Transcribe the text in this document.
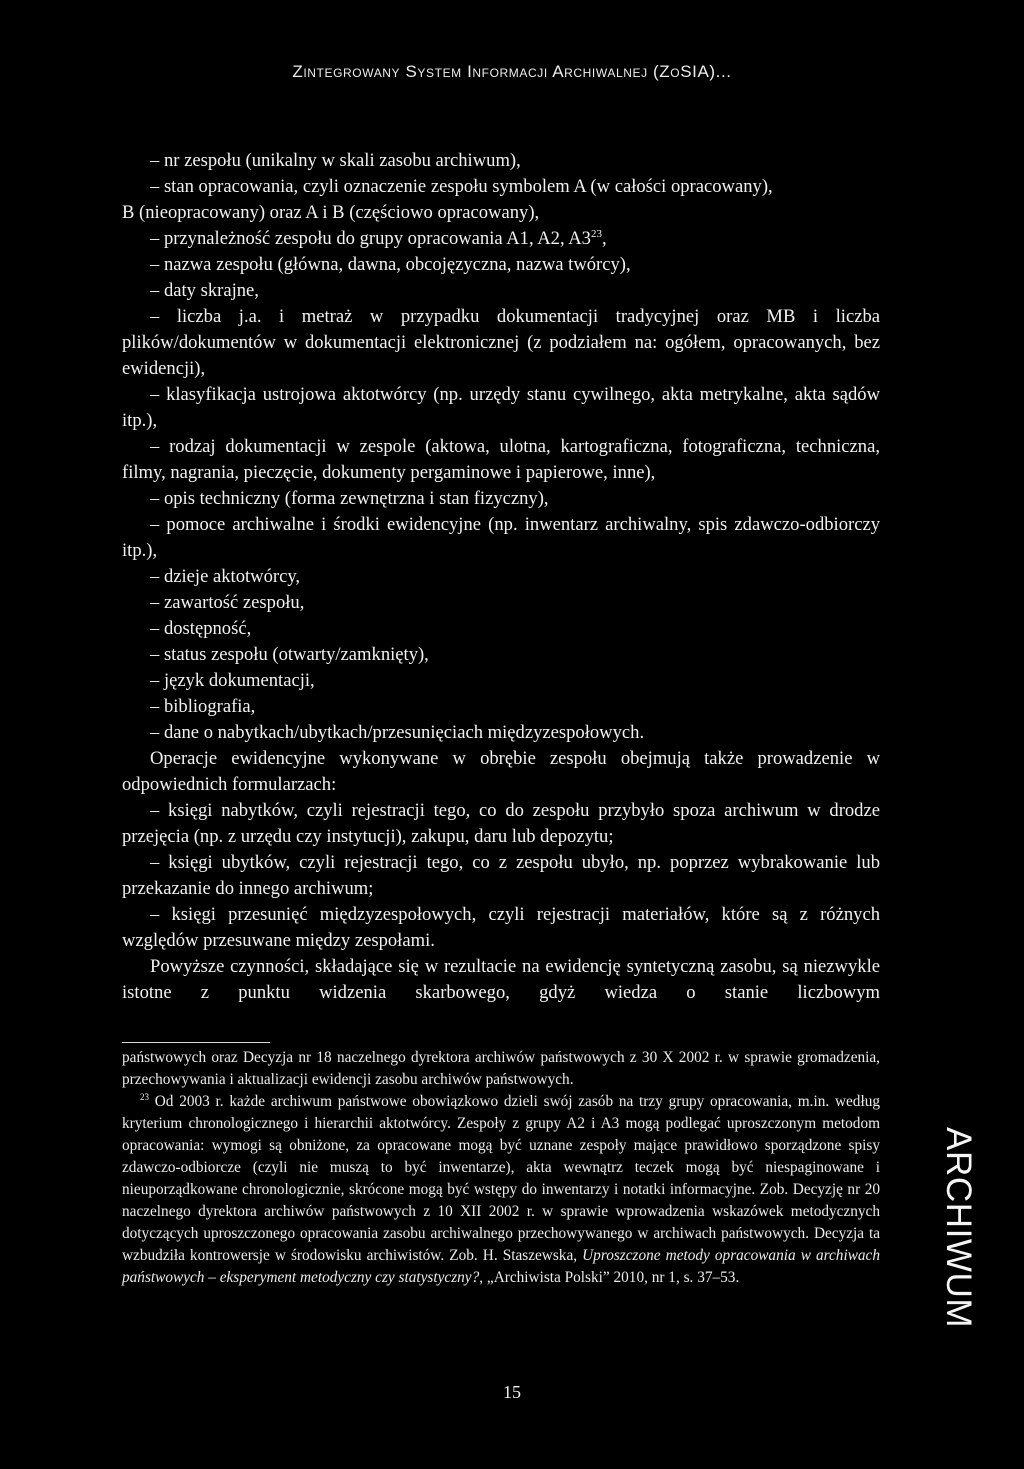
Zintegrowany System Informacji Archiwalnej (ZoSIA)...

– nr zespołu (unikalny w skali zasobu archiwum),

– stan opracowania, czyli oznaczenie zespołu symbolem A (w całości opracowany),

B (nieopracowany) oraz A i B (częściowo opracowany),

– przynależność zespołu do grupy opracowania A1, A2, $A3^{23}$,

– nazwa zespołu (główna, dawna, obcojęzyczna, nazwa twórcy),

– daty skrajne,

– liczba j.a. i metraż w przypadku dokumentacji tradycyjnej oraz MB i liczba plików/dokumentów w dokumentacji elektronicznej (z podziałem na: ogółem, opracowanych, bez ewidencji),

– klasyfikacja ustrojowa aktotwórcy (np. urzędy stanu cywilnego, akta metrykalne, akta sądów itp.),

– rodzaj dokumentacji w zespole (aktowa, ulotna, kartograficzna, fotograficzna, techniczna, filmy, nagrania, pieczęcie, dokumenty pergaminowe i papierowe, inne),

– opis techniczny (forma zewnętrzna i stan fizyczny),

– pomoce archiwalne i środki ewidencyjne (np. inwentarz archiwalny, spis zdawczo-odbiorczy itp.),

– dzieje aktotwórcy,

– zawartość zespołu,

– dostępność,

– status zespołu (otwarty/zamknięty),

– język dokumentacji,

– bibliografia,

– dane o nabytkach/ubytkach/przesunięciach międzyzespołowych.

Operacje ewidencyjne wykonywane w obrębie zespołu obejmują także prowadzenie w odpowiednich formularzach:

– księgi nabytków, czyli rejestracji tego, co do zespołu przybyło spoza archiwum w drodze przejęcia (np. z urzędu czy instytucji), zakupu, daru lub depozytu;

– księgi ubytków, czyli rejestracji tego, co z zespołu ubyło, np. poprzez wybrakowanie lub przekazanie do innego archiwum;

– księgi przesunięć międzyzespołowych, czyli rejestracji materiałów, które są z różnych względów przesuwane między zespołami.

Powyższe czynności, składające się w rezultacie na ewidencję syntetyczną zasobu, są niezwykle istotne z punktu widzenia skarbowego, gdyż wiedza o stanie liczbowym

państwowych oraz Decyzja nr 18 naczelnego dyrektora archiwów państwowych z 30 X 2002 r. w sprawie gromadzenia, przechowywania i aktualizacji ewidencji zasobu archiwów państwowych.

$^{23}$ Od 2003 r. każde archiwum państwowe obowiązkowo dzieli swój zasób na trzy grupy opracowania, m.in. według kryterium chronologicznego i hierarchii aktotwórcy. Zespoły z grupy A2 i A3 mogą podlegać uproszczonym metodom opracowania: wymogi są obniżone, za opracowane mogą być uznane zespoły mające prawidłowo sporządzone spisy zdawczo-odbiorcze (czyli nie muszą to być inwentarze), akta wewnątrz teczek mogą być niespaginowane i nieuporządkowane chronologicznie, skrócone mogą być wstępy do inwentarzy i notatki informacyjne. Zob. Decyzję nr 20 naczelnego dyrektora archiwów państwowych z 10 XII 2002 r. w sprawie wprowadzenia wskazówek metodycznych dotyczących uproszczonego opracowania zasobu archiwalnego przechowywanego w archiwach państwowych. Decyzja ta wzbudziła kontrowersje w środowisku archiwistów. Zob. H. Staszewska, Uproszczone metody opracowania w archiwach państwowych – eksperyment metodyczny czy statystyczny?, „Archiwista Polski” 2010, nr 1, s. 37–53.	ARCHIWUM
15
